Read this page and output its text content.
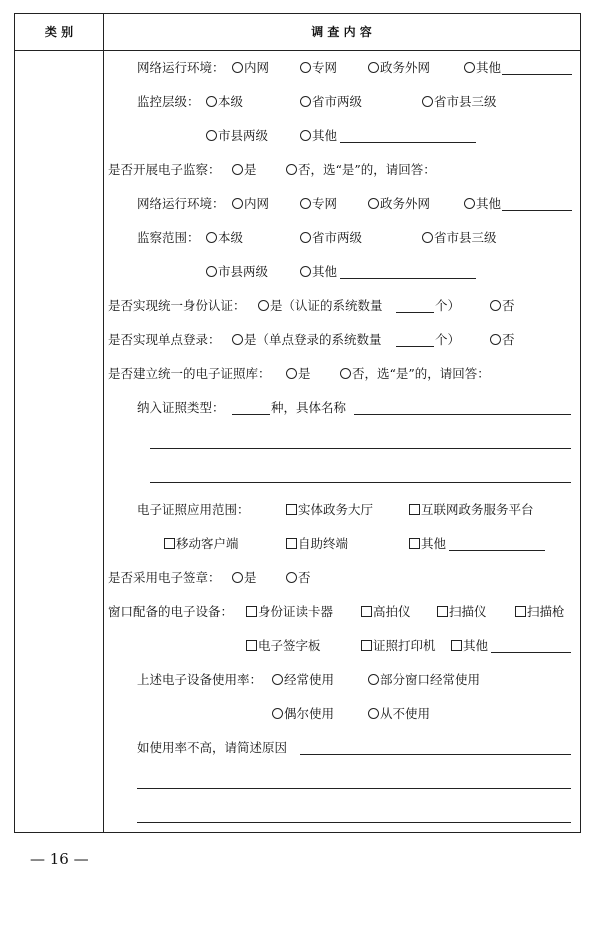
类 别	调 查 内 容
网络运行环境：	内网	专网	政务外网	其他
监控层级：	本级	省市两级	省市县三级
市县两级	其他
是否开展电子监察：	是	否，选“是”的，请回答：
网络运行环境：	内网	专网	政务外网	其他
监察范围：	本级	省市两级	省市县三级
市县两级	其他
是否实现统一身份认证：	是（认证的系统数量	个）	否
是否实现单点登录：	是（单点登录的系统数量	个）	否
是否建立统一的电子证照库：	是	否，选“是”的，请回答：
纳入证照类型：	种，具体名称
电子证照应用范围：	实体政务大厅	互联网政务服务平台
移动客户端	自助终端	其他
是否采用电子签章：	是	否
窗口配备的电子设备：	身份证读卡器	高拍仪	扫描仪	扫描枪
电子签字板	证照打印机	其他
上述电子设备使用率：	经常使用	部分窗口经常使用
偶尔使用	从不使用
如使用率不高，请简述原因
— 16 —
